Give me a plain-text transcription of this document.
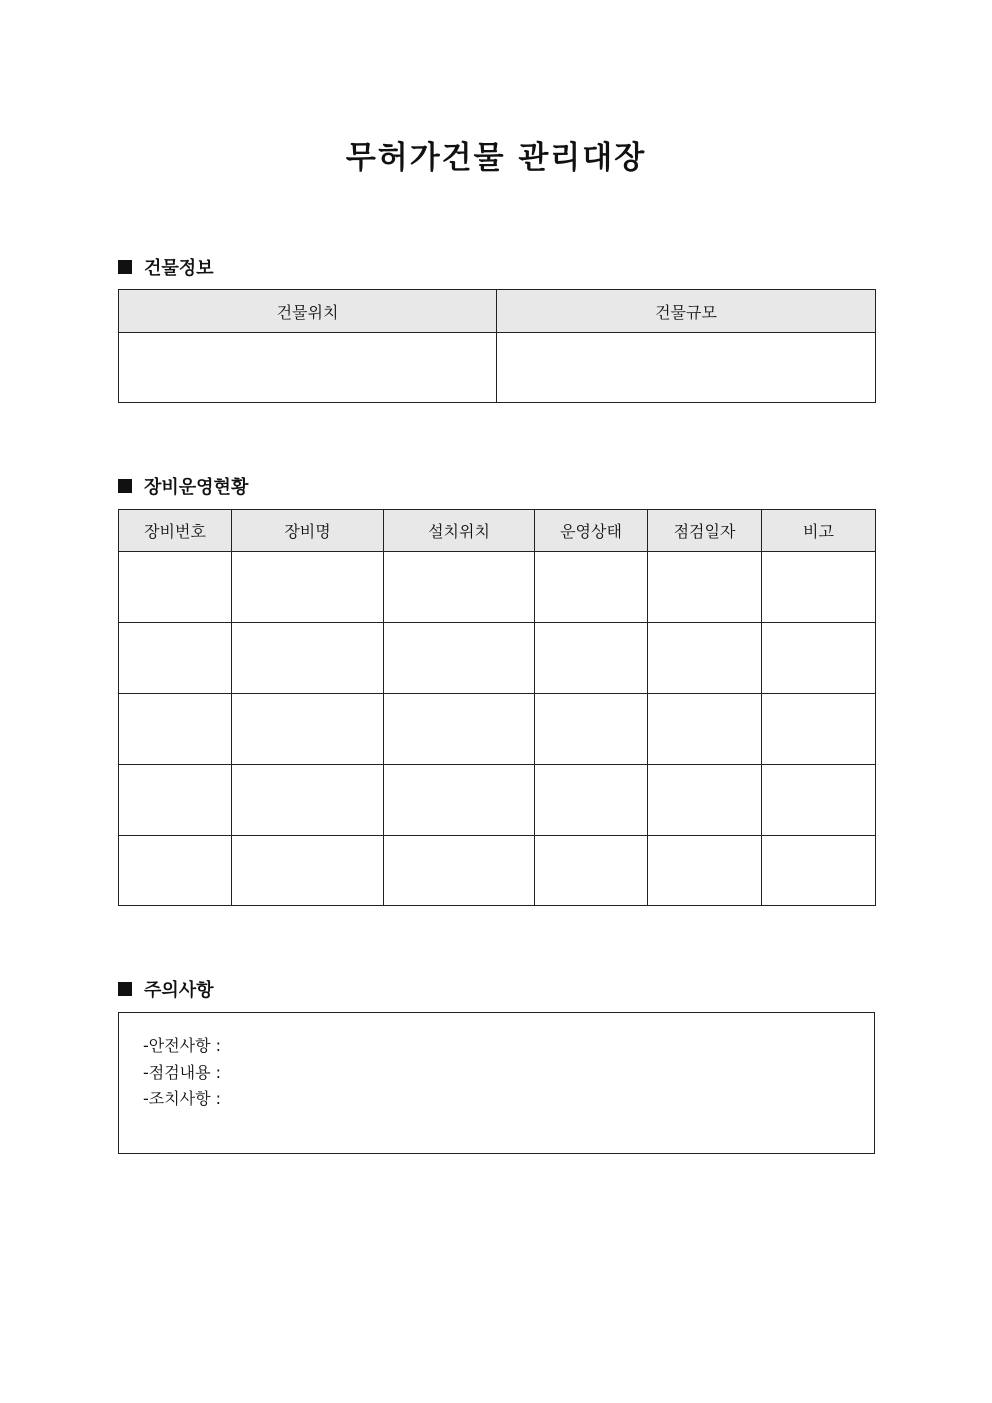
무허가건물 관리대장
건물정보
건물위치	건물규모

장비운영현황
장비번호	장비명	설치위치	운영상태	점검일자	비고

주의사항
-안전사항 :
-점검내용 :
-조치사항 :
